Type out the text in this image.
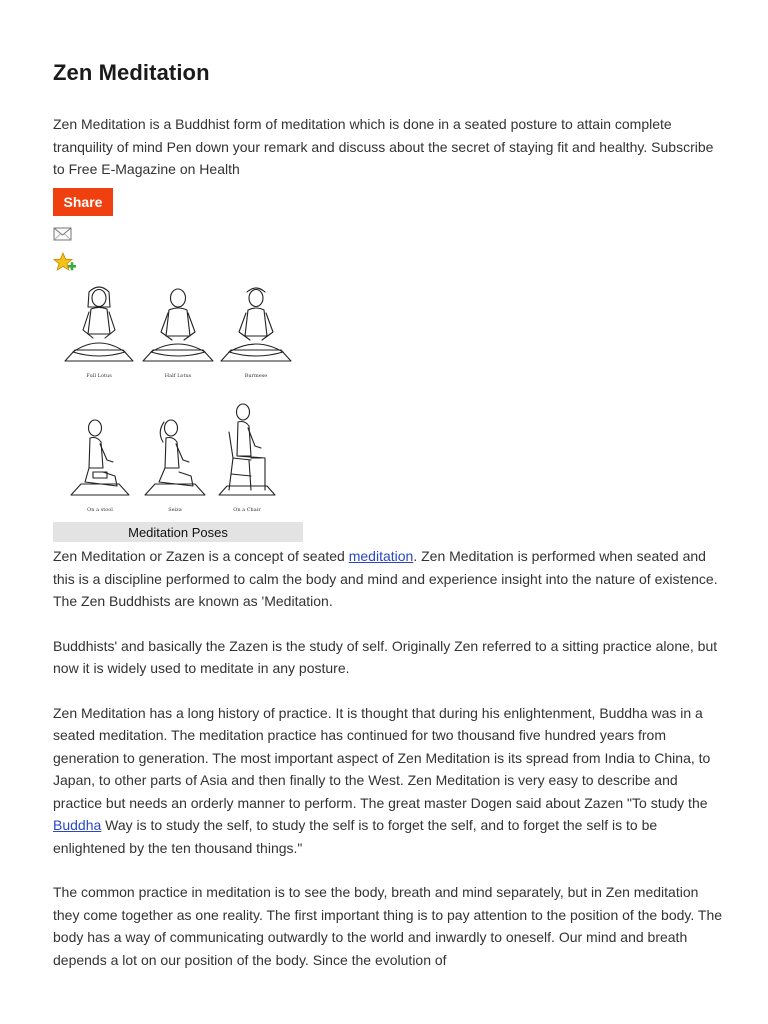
Zen Meditation

Zen Meditation is a Buddhist form of meditation which is done in a seated posture to attain complete tranquility of mind Pen down your remark and discuss about the secret of staying fit and healthy. Subscribe to Free E-Magazine on Health

Share
Full Lotus	Half Lotus	Burmese
On a stool	Seiza	On a Chair
Meditation Poses

Zen Meditation or Zazen is a concept of seated meditation. Zen Meditation is performed when seated and this is a discipline performed to calm the body and mind and experience insight into the nature of existence. The Zen Buddhists are known as 'Meditation.

Buddhists' and basically the Zazen is the study of self. Originally Zen referred to a sitting practice alone, but now it is widely used to meditate in any posture.

Zen Meditation has a long history of practice. It is thought that during his enlightenment, Buddha was in a seated meditation. The meditation practice has continued for two thousand five hundred years from generation to generation. The most important aspect of Zen Meditation is its spread from India to China, to Japan, to other parts of Asia and then finally to the West. Zen Meditation is very easy to describe and practice but needs an orderly manner to perform. The great master Dogen said about Zazen "To study the Buddha Way is to study the self, to study the self is to forget the self, and to forget the self is to be enlightened by the ten thousand things."

The common practice in meditation is to see the body, breath and mind separately, but in Zen meditation they come together as one reality. The first important thing is to pay attention to the position of the body. The body has a way of communicating outwardly to the world and inwardly to oneself. Our mind and breath depends a lot on our position of the body. Since the evolution of
